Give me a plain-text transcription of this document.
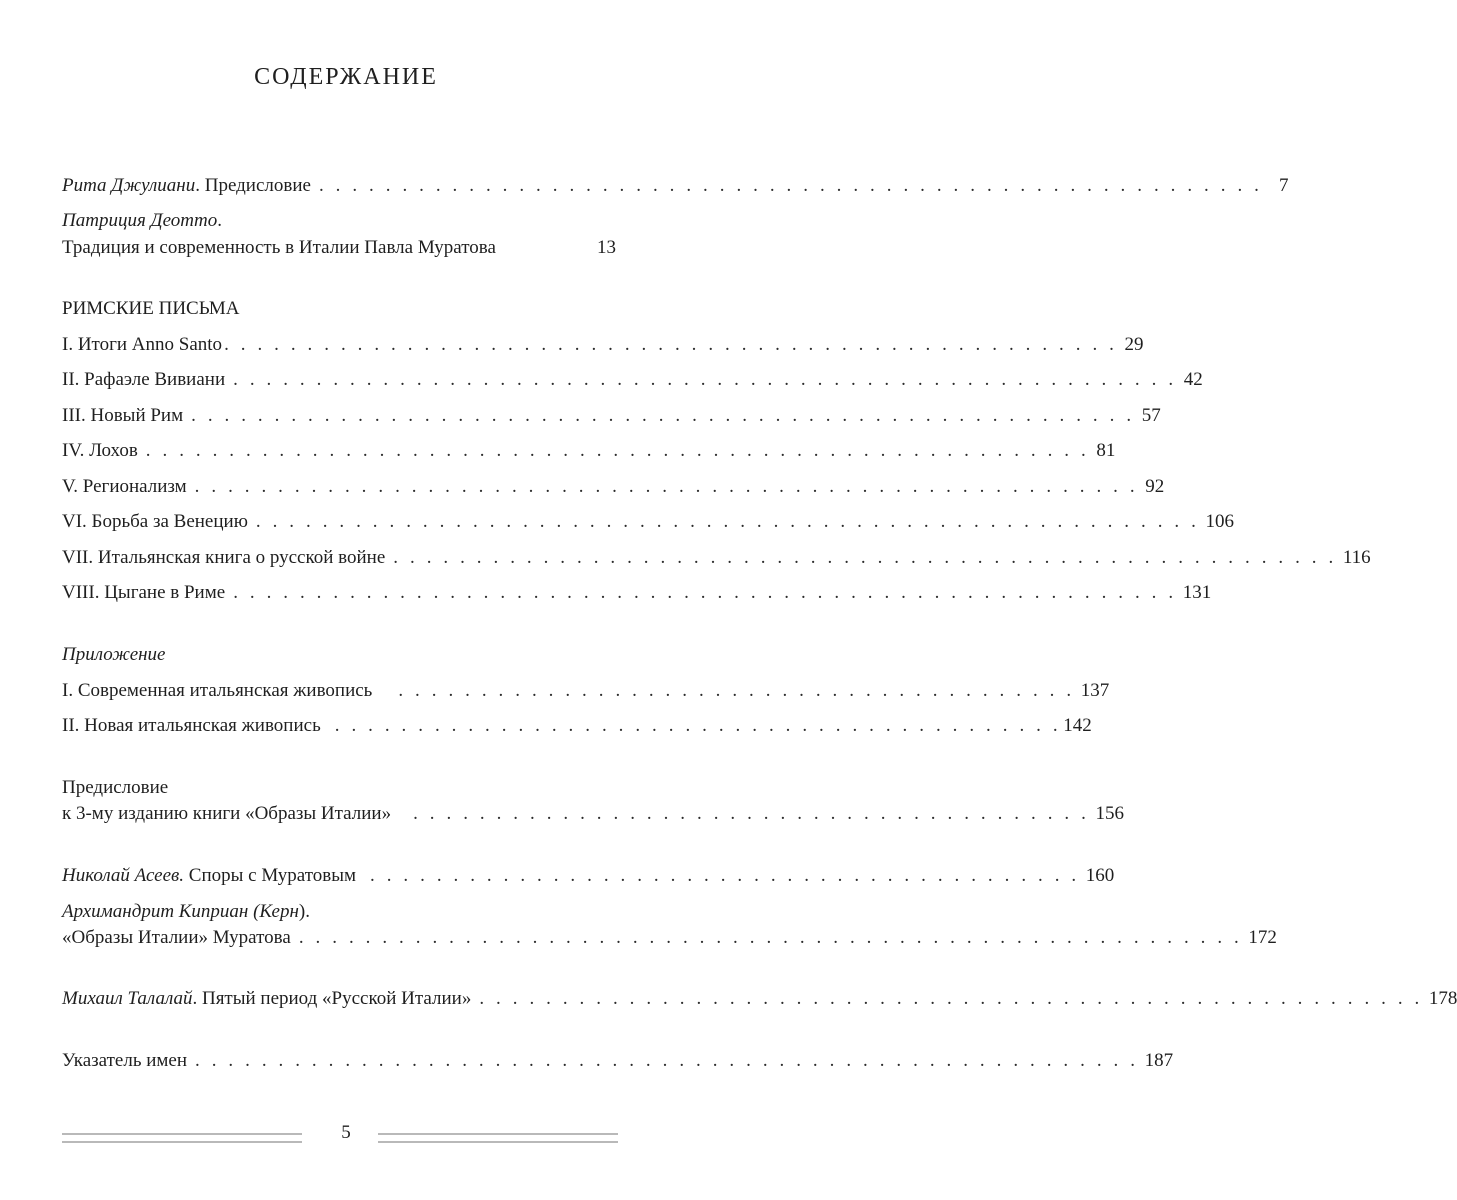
СОДЕРЖАНИЕ
Рита Джулиани. Предисловие . . . . . . . . . . . . . . . . . . . . . . . . . . . . . . . . . . . . . . . . . . . . . . . . . . . . . . . . . 7
Патриция Деотто.
Традиция и современность в Италии Павла Муратова	13
РИМСКИЕ ПИСЬМА
I. Итоги Anno Santo . . . . . . . . . . . . . . . . . . . . . . . . . . . . . . . . . . . . . . . . . . . . . . . . . . . . . . 29
II. Рафаэле Вивиани . . . . . . . . . . . . . . . . . . . . . . . . . . . . . . . . . . . . . . . . . . . . . . . . . . . . . . . . . 42
III. Новый Рим . . . . . . . . . . . . . . . . . . . . . . . . . . . . . . . . . . . . . . . . . . . . . . . . . . . . . . . . . 57
IV. Лохов . . . . . . . . . . . . . . . . . . . . . . . . . . . . . . . . . . . . . . . . . . . . . . . . . . . . . . . . . 81
V. Регионализм . . . . . . . . . . . . . . . . . . . . . . . . . . . . . . . . . . . . . . . . . . . . . . . . . . . . . . . . . 92
VI. Борьба за Венецию . . . . . . . . . . . . . . . . . . . . . . . . . . . . . . . . . . . . . . . . . . . . . . . . . . . . . . . . . 106
VII. Итальянская книга о русской войне . . . . . . . . . . . . . . . . . . . . . . . . . . . . . . . . . . . . . . . . . . . . . . . . . . . . . . . . . 116
VIII. Цыгане в Риме . . . . . . . . . . . . . . . . . . . . . . . . . . . . . . . . . . . . . . . . . . . . . . . . . . . . . . . . . 131
Приложение
I. Современная итальянская живопись . . . . . . . . . . . . . . . . . . . . . . . . . . . . . . . . . . . . . . . . . 137
II. Новая итальянская живопись . . . . . . . . . . . . . . . . . . . . . . . . . . . . . . . . . . . . . . . . . . . . 142
Предисловие
к 3-му изданию книги «Образы Италии» . . . . . . . . . . . . . . . . . . . . . . . . . . . . . . . . . . . . . . . . . 156
Николай Асеев. Споры с Муратовым . . . . . . . . . . . . . . . . . . . . . . . . . . . . . . . . . . . . . . . . . . . 160
Архимандрит Киприан (Керн).
«Образы Италии» Муратова . . . . . . . . . . . . . . . . . . . . . . . . . . . . . . . . . . . . . . . . . . . . . . . . . . . . . . . . . 172
Михаил Талалай. Пятый период «Русской Италии» . . . . . . . . . . . . . . . . . . . . . . . . . . . . . . . . . . . . . . . . . . . . . . . . . . . . . . . . . 178
Указатель имен . . . . . . . . . . . . . . . . . . . . . . . . . . . . . . . . . . . . . . . . . . . . . . . . . . . . . . . . . 187
5
